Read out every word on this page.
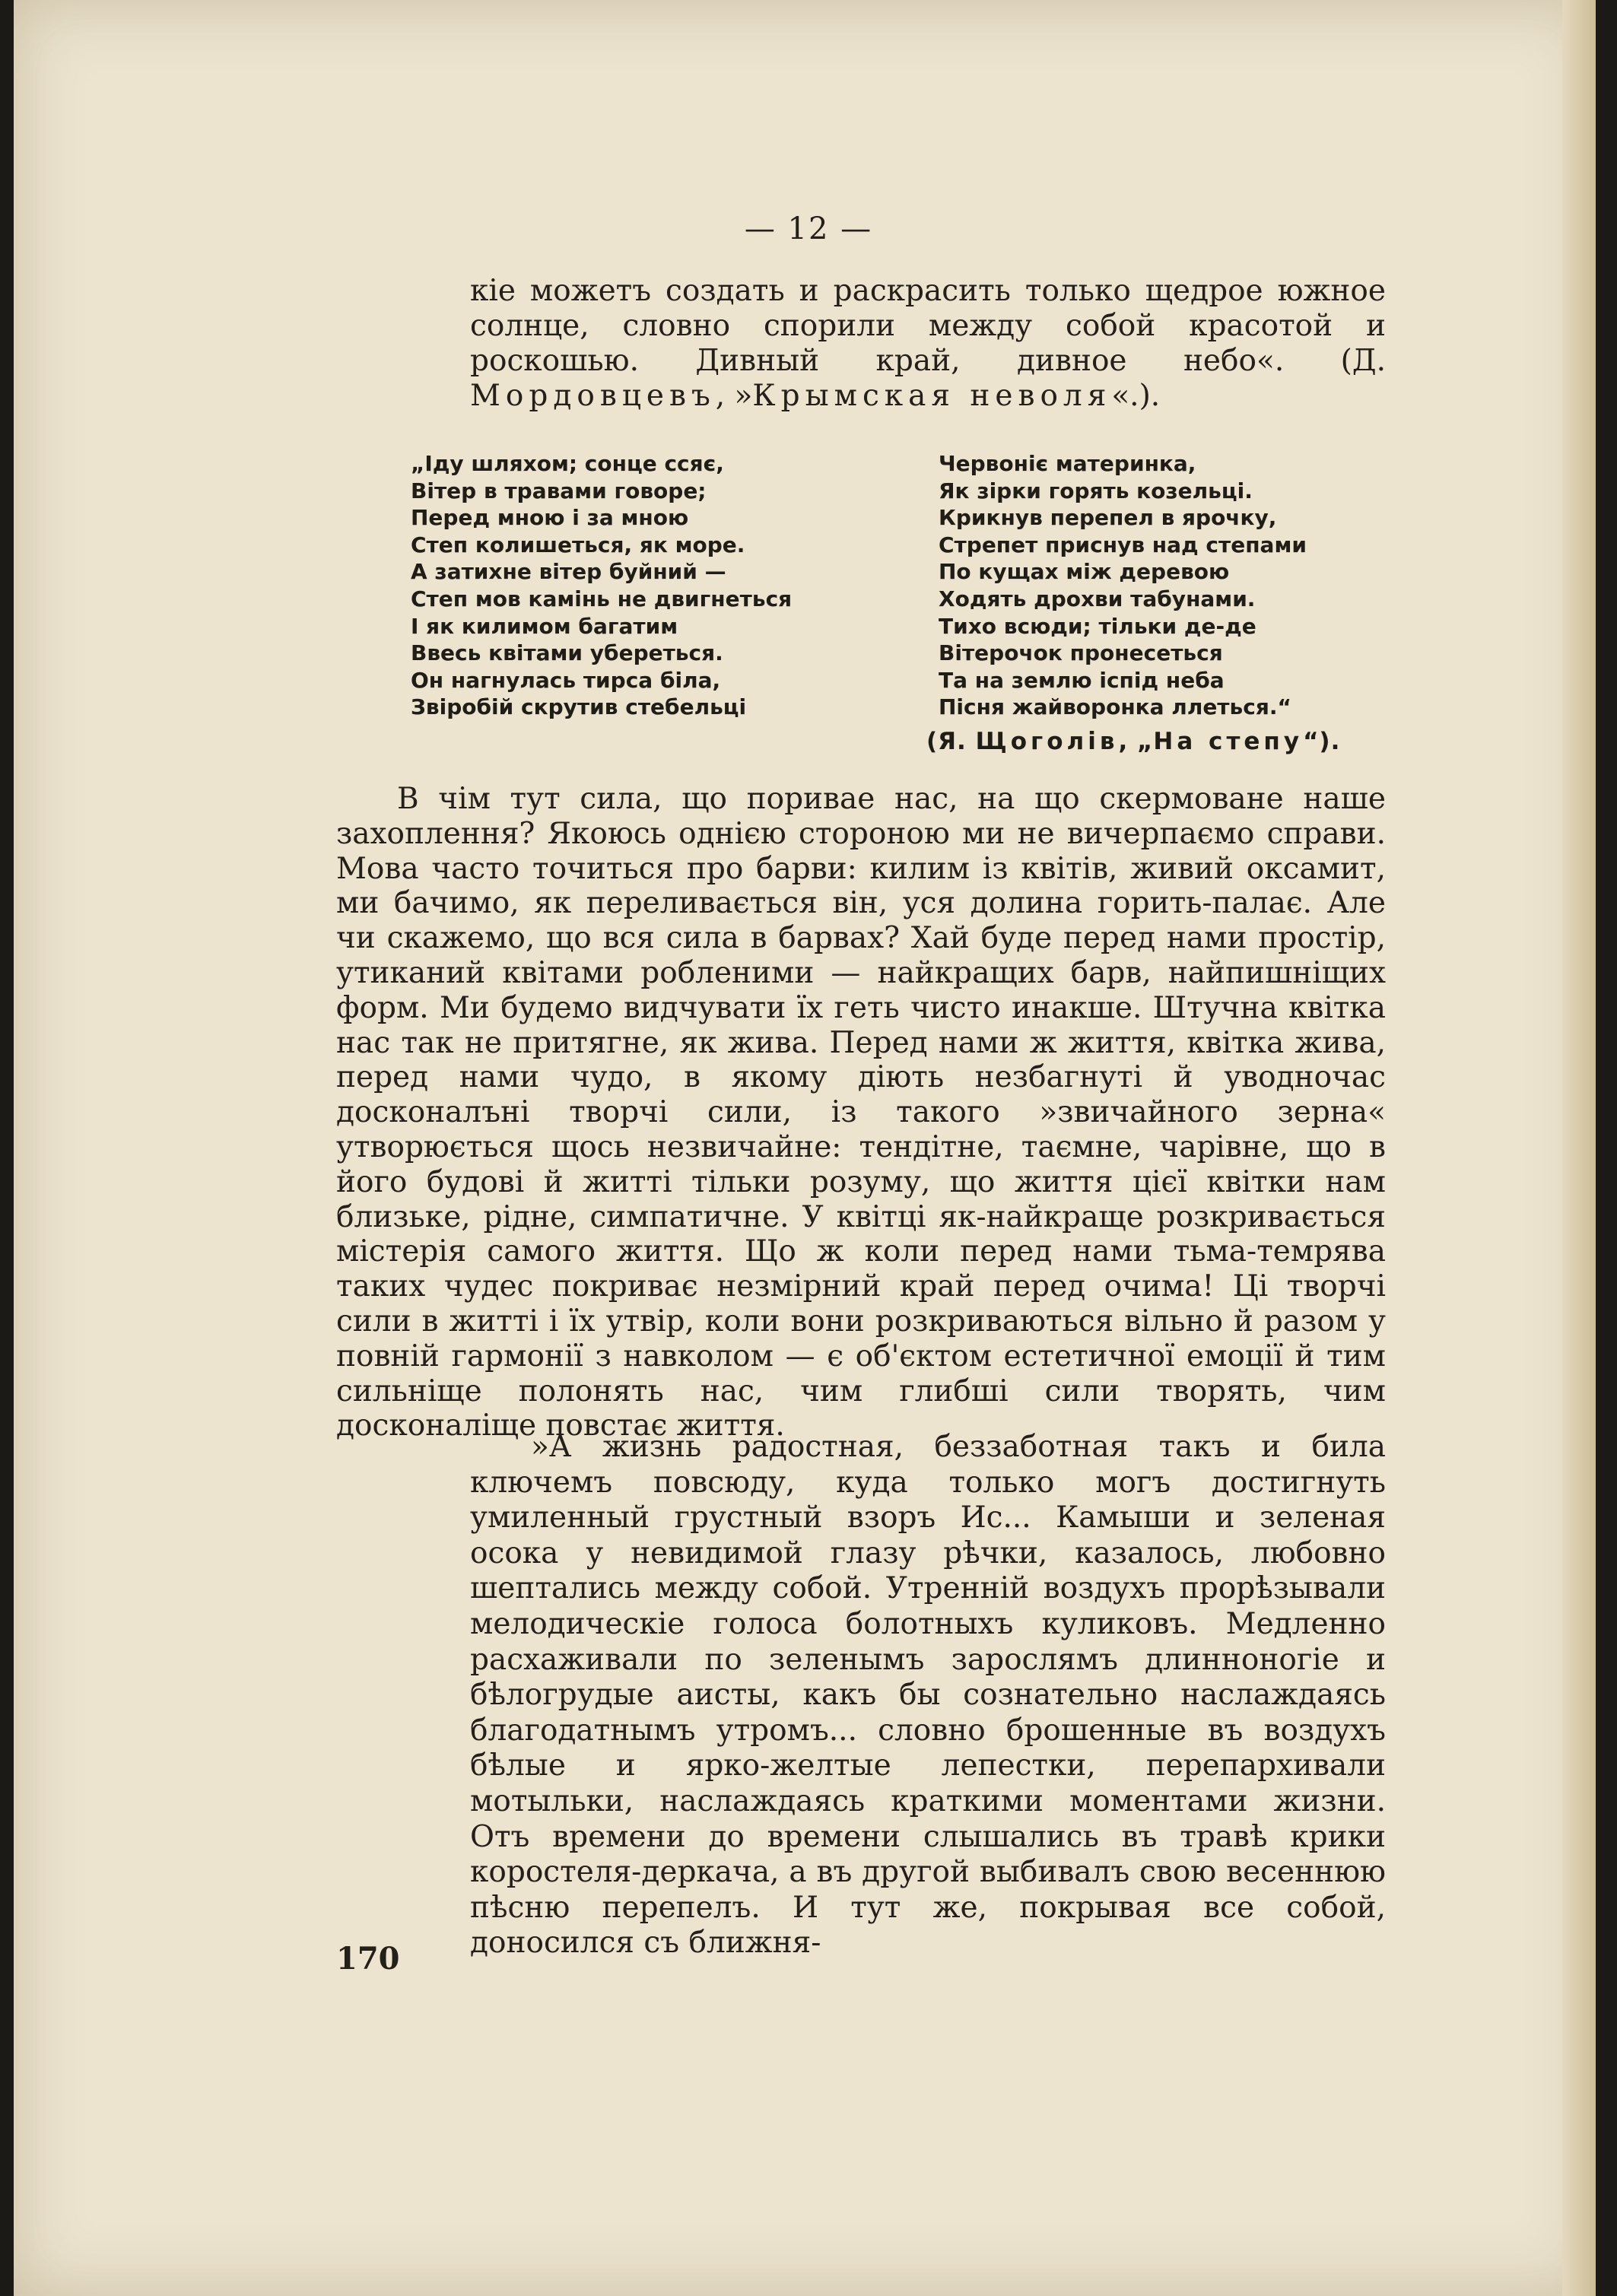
— 12 —
кіе можетъ создать и раскрасить только щедрое южное солнце, словно спорили между собой красотой и роскошью. Дивный край, дивное небо«. (Д. Мордовцевъ, »Крымская неволя«.).
„Іду шляхом; сонце ссяє,
Вітер в травами говоре;
Перед мною і за мною
Степ колишеться, як море.
А затихне вітер буйний —
Степ мов камінь не двигнеться
І як килимом багатим
Ввесь квітами убереться.
Он нагнулась тирса біла,
Звіробій скрутив стебельці
Червоніє материнка,
Як зірки горять козельці.
Крикнув перепел в ярочку,
Стрепет приснув над степами
По кущах між деревою
Ходять дрохви табунами.
Тихо всюди; тільки де-де
Вітерочок пронесеться
Та на землю іспід неба
Пісня жайворонка ллеться.“
(Я. Щоголів, „На степу“).
В чім тут сила, що поривае нас, на що скермоване наше захоплення? Якоюсь однією стороною ми не вичерпаємо справи. Мова часто точиться про барви: килим із квітів, живий оксамит, ми бачимо, як переливається він, уся долина горить-палає. Але чи скажемо, що вся сила в барвах? Хай буде перед нами простір, утиканий квітами робленими — найкращих барв, найпишніщих форм. Ми будемо видчувати їх геть чисто инакше. Штучна квітка нас так не притягне, як жива. Перед нами ж життя, квітка жива, перед нами чудо, в якому діють незбагнуті й уводночас досконалъні творчі сили, із такого »звичайного зерна« утворюється щось незвичайне: тендітне, таємне, чарівне, що в його будові й житті тільки розуму, що життя цієї квітки нам близьке, рідне, симпатичне. У квітці як-найкраще розкривається містерія самого життя. Що ж коли перед нами тьма-темрява таких чудес покриває незмірний край перед очима! Ці творчі сили в житті і їх утвір, коли вони розкриваються вільно й разом у повній гармонії з навколом — є об'єктом естетичної емоції й тим сильніще полонять нас, чим глибші сили творять, чим досконаліще повстає життя.
»А жизнь радостная, беззаботная такъ и била ключемъ повсюду, куда только могъ достигнуть умиленный грустный взоръ Ис... Камыши и зеленая осока у невидимой глазу рѣчки, казалось, любовно шептались между собой. Утренній воздухъ прорѣзывали мелодическіе голоса болотныхъ куликовъ. Медленно расхаживали по зеленымъ зарослямъ длинноногіе и бѣлогрудые аисты, какъ бы сознательно наслаждаясь благодатнымъ утромъ... словно брошенные въ воздухъ бѣлые и ярко-желтые лепестки, перепархивали мотыльки, наслаждаясь краткими моментами жизни. Отъ времени до времени слышались въ травѣ крики коростеля-деркача, а въ другой выбивалъ свою весеннюю пѣсню перепелъ. И тут же, покрывая все собой, доносился съ ближня-
170
